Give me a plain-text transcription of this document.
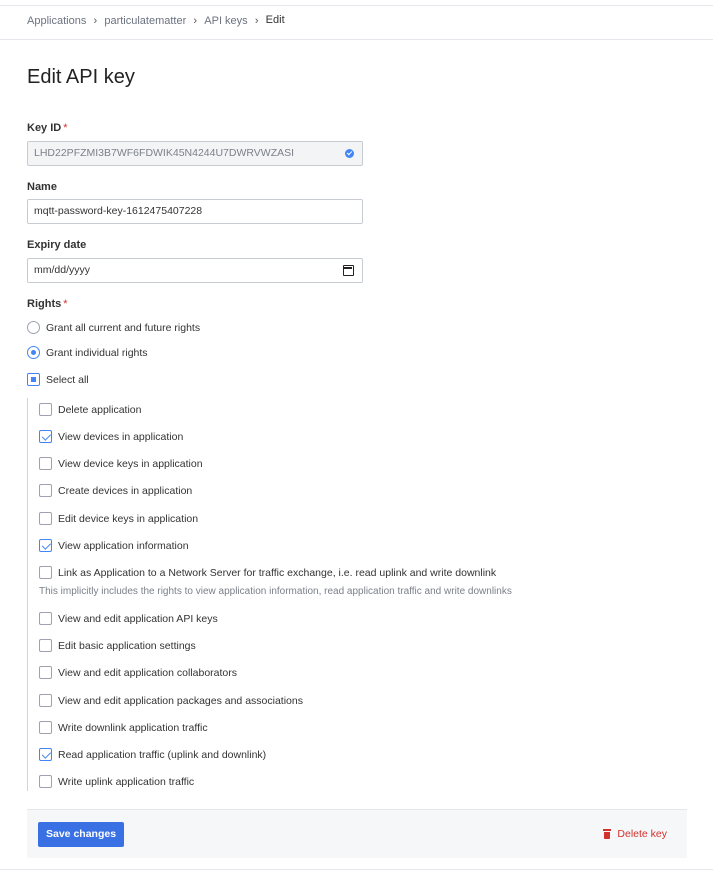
Applications › particulatematter › API keys › Edit
Edit API key
Key ID *
LHD22PFZMI3B7WF6FDWIK45N4244U7DWRVWZASI
Name
mqtt-password-key-1612475407228
Expiry date
mm/dd/yyyy
Rights *
Grant all current and future rights
Grant individual rights
Select all
Delete application
View devices in application
View device keys in application
Create devices in application
Edit device keys in application
View application information
Link as Application to a Network Server for traffic exchange, i.e. read uplink and write downlink
This implicitly includes the rights to view application information, read application traffic and write downlinks
View and edit application API keys
Edit basic application settings
View and edit application collaborators
View and edit application packages and associations
Write downlink application traffic
Read application traffic (uplink and downlink)
Write uplink application traffic
Save changes	Delete key
